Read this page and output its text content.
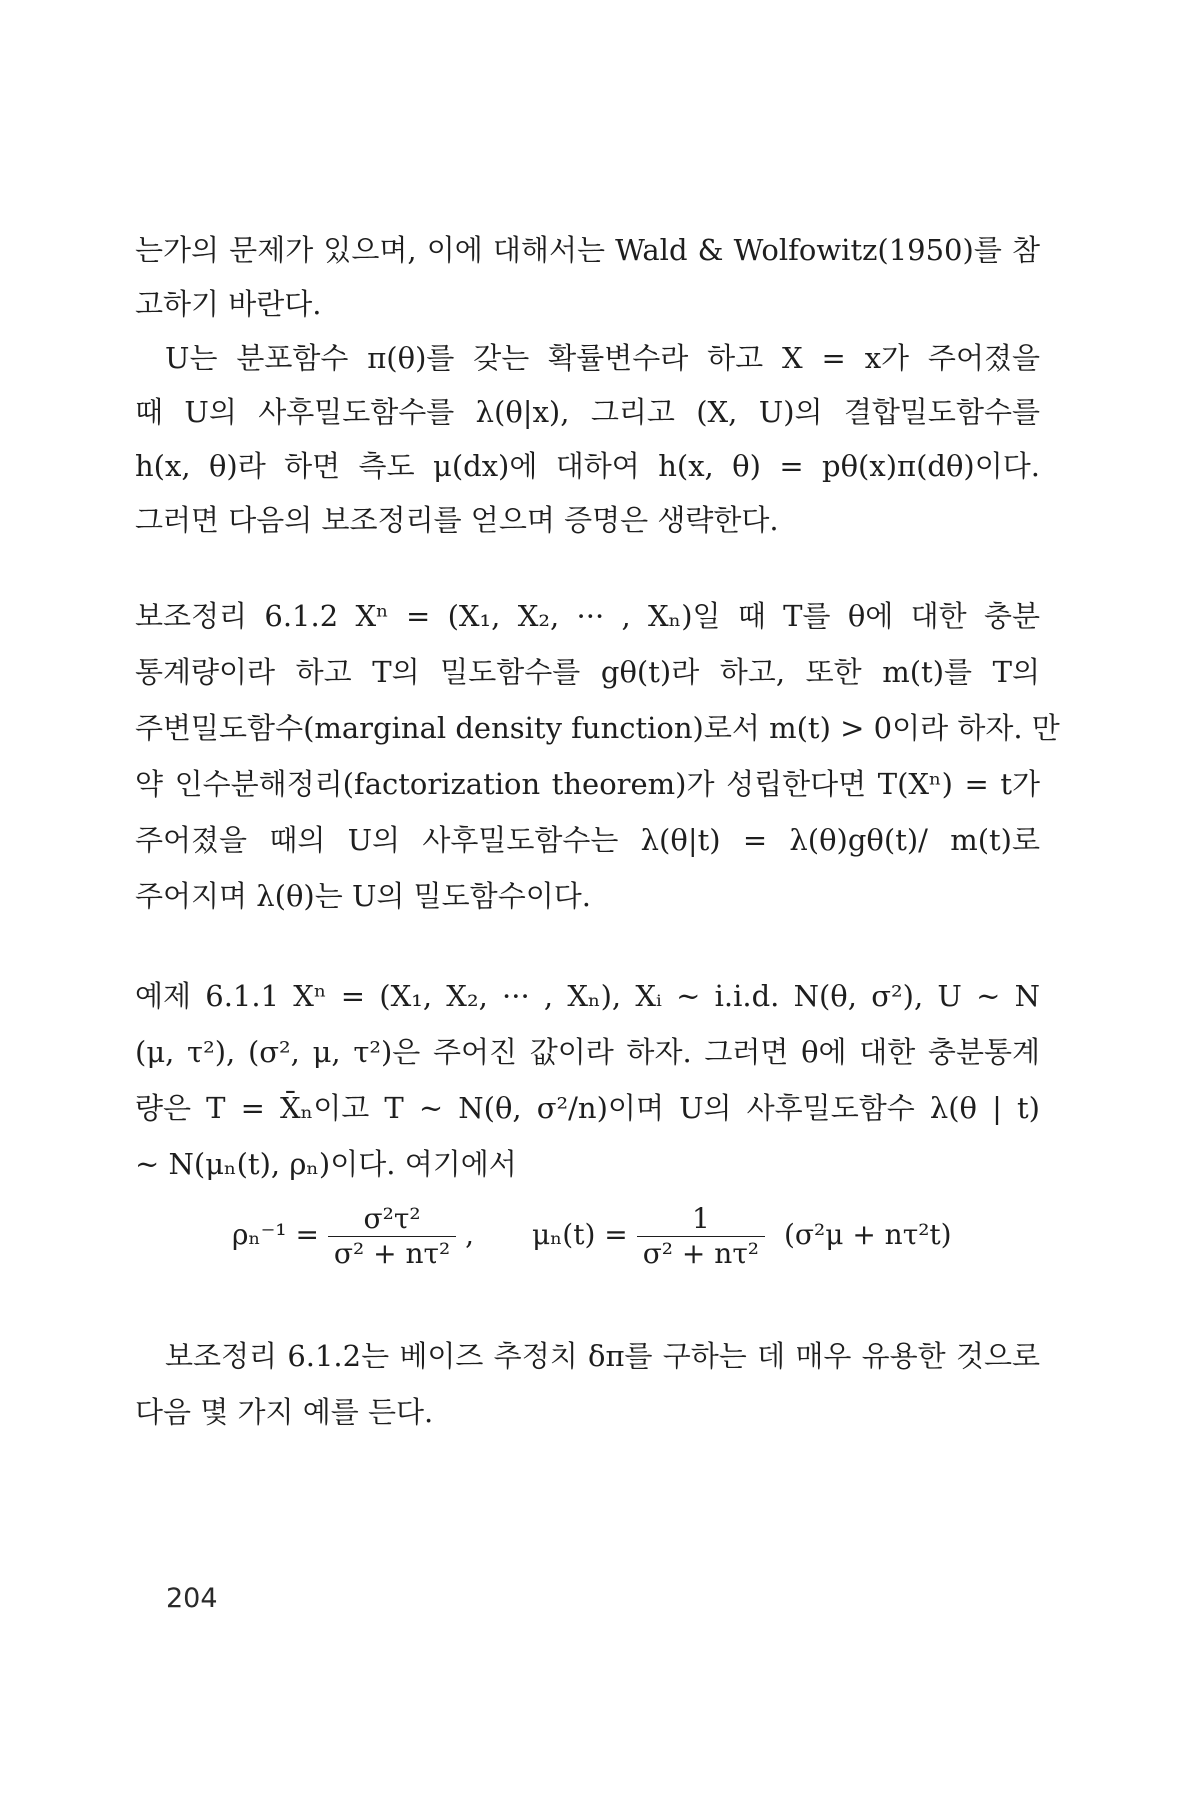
는가의 문제가 있으며, 이에 대해서는 Wald & Wolfowitz(1950)를 참
고하기 바란다.
U는 분포함수 π(θ)를 갖는 확률변수라 하고 X = x가 주어졌을
때 U의 사후밀도함수를 λ(θ|x), 그리고 (X, U)의 결합밀도함수를
h(x, θ)라 하면 측도 μ(dx)에 대하여 h(x, θ) = pθ(x)π(dθ)이다.
그러면 다음의 보조정리를 얻으며 증명은 생략한다.
보조정리 6.1.2 Xⁿ = (X₁, X₂, ··· , Xₙ)일 때 T를 θ에 대한 충분
통계량이라 하고 T의 밀도함수를 gθ(t)라 하고, 또한 m(t)를 T의
주변밀도함수(marginal density function)로서 m(t) > 0이라 하자. 만
약 인수분해정리(factorization theorem)가 성립한다면 T(Xⁿ) = t가
주어졌을 때의 U의 사후밀도함수는 λ(θ|t) = λ(θ)gθ(t)/ m(t)로
주어지며 λ(θ)는 U의 밀도함수이다.
예제 6.1.1 Xⁿ = (X₁, X₂, ··· , Xₙ), Xᵢ ~ i.i.d. N(θ, σ²), U ~ N
(μ, τ²), (σ², μ, τ²)은 주어진 값이라 하자. 그러면 θ에 대한 충분통계
량은 T = X̄ₙ이고 T ~ N(θ, σ²/n)이며 U의 사후밀도함수 λ(θ | t)
~ N(μₙ(t), ρₙ)이다. 여기에서
$\rho_n^{-1} = \frac{\text{σ²τ²}}{\text{σ² + nτ²}}$ , $\mu_n(t) = \frac{1}{\text{σ² + nτ²}} (\sigma^2\mu + n\tau^2t)$
보조정리 6.1.2는 베이즈 추정치 δπ를 구하는 데 매우 유용한 것으로
다음 몇 가지 예를 든다.
204
